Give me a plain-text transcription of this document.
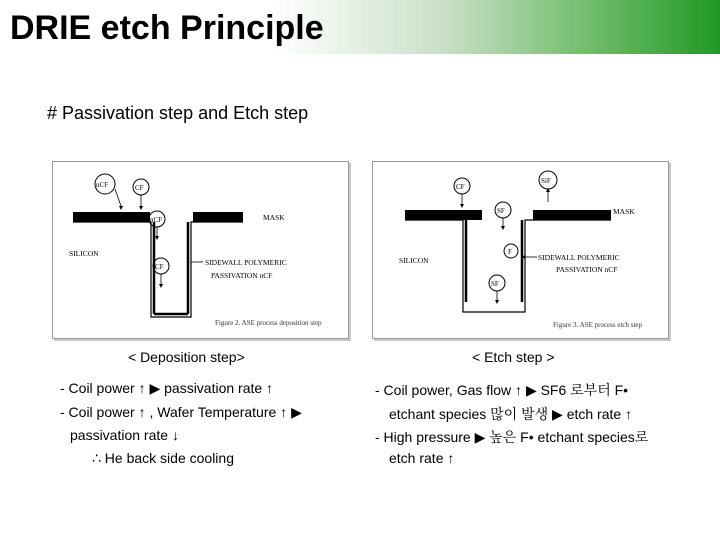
DRIE etch Principle
# Passivation step and Etch step
nCF	CF
nCF
CF
MASK
SILICON
SIDEWALL POLYMERIC
PASSIVATION nCF
Figure 2. ASE process deposition step
CF
SiF
SF
F
SF
MASK
SILICON	SIDEWALL POLYMERIC
PASSIVATION nCF
Figure 3. ASE process etch step
< Deposition step>	< Etch step >
- Coil power ↑ ▶ passivation rate ↑
- Coil power ↑ , Wafer Temperature ↑ ▶
passivation rate ↓
∴ He back side cooling
- Coil power, Gas flow ↑ ▶ SF6 로부터 F•
etchant species 많이 발생 ▶ etch rate ↑
- High pressure ▶ 높은 F• etchant species로
etch rate ↑
